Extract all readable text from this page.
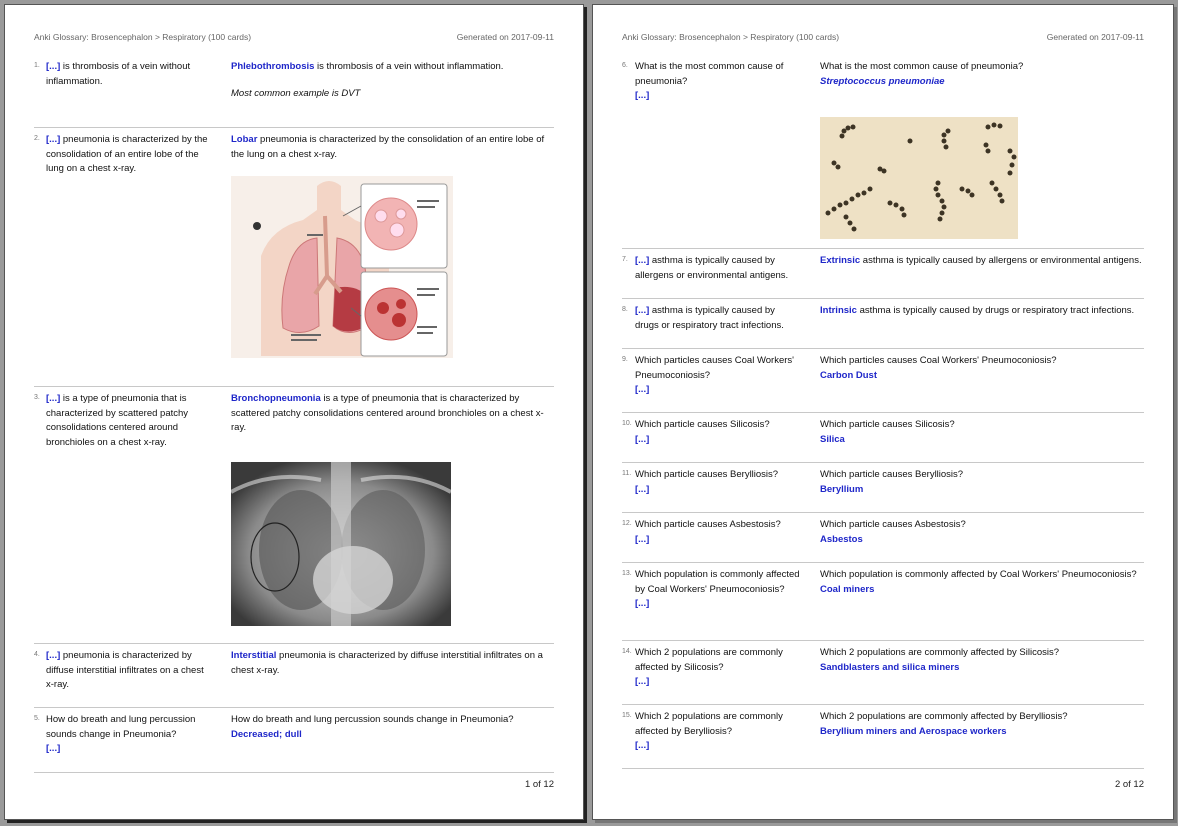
Anki Glossary: Brosencephalon > Respiratory (100 cards)	Generated on 2017-09-11
1. [...] is thrombosis of a vein without inflammation.
Phlebothrombosis is thrombosis of a vein without inflammation.
Most common example is DVT
2. [...] pneumonia is characterized by the consolidation of an entire lobe of the lung on a chest x-ray.
Lobar pneumonia is characterized by the consolidation of an entire lobe of the lung on a chest x-ray.
3. [...] is a type of pneumonia that is characterized by scattered patchy consolidations centered around bronchioles on a chest x-ray.
Bronchopneumonia is a type of pneumonia that is characterized by scattered patchy consolidations centered around bronchioles on a chest x-ray.
4. [...] pneumonia is characterized by diffuse interstitial infiltrates on a chest x-ray.
Interstitial pneumonia is characterized by diffuse interstitial infiltrates on a chest x-ray.
5. How do breath and lung percussion sounds change in Pneumonia?
[...]
How do breath and lung percussion sounds change in Pneumonia?
Decreased; dull
1 of 12
Anki Glossary: Brosencephalon > Respiratory (100 cards)	Generated on 2017-09-11
6. What is the most common cause of pneumonia?
[...]
What is the most common cause of pneumonia?
Streptococcus pneumoniae
7. [...] asthma is typically caused by allergens or environmental antigens.
Extrinsic asthma is typically caused by allergens or environmental antigens.
8. [...] asthma is typically caused by drugs or respiratory tract infections.
Intrinsic asthma is typically caused by drugs or respiratory tract infections.
9. Which particles causes Coal Workers' Pneumoconiosis?
[...]
Which particles causes Coal Workers' Pneumoconiosis?
Carbon Dust
10. Which particle causes Silicosis?
[...]
Which particle causes Silicosis?
Silica
11. Which particle causes Berylliosis?
[...]
Which particle causes Berylliosis?
Beryllium
12. Which particle causes Asbestosis?
[...]
Which particle causes Asbestosis?
Asbestos
13. Which population is commonly affected by Coal Workers' Pneumoconiosis?
[...]
Which population is commonly affected by Coal Workers' Pneumoconiosis?
Coal miners
14. Which 2 populations are commonly affected by Silicosis?
[...]
Which 2 populations are commonly affected by Silicosis?
Sandblasters and silica miners
15. Which 2 populations are commonly affected by Berylliosis?
[...]
Which 2 populations are commonly affected by Berylliosis?
Beryllium miners and Aerospace workers
2 of 12
